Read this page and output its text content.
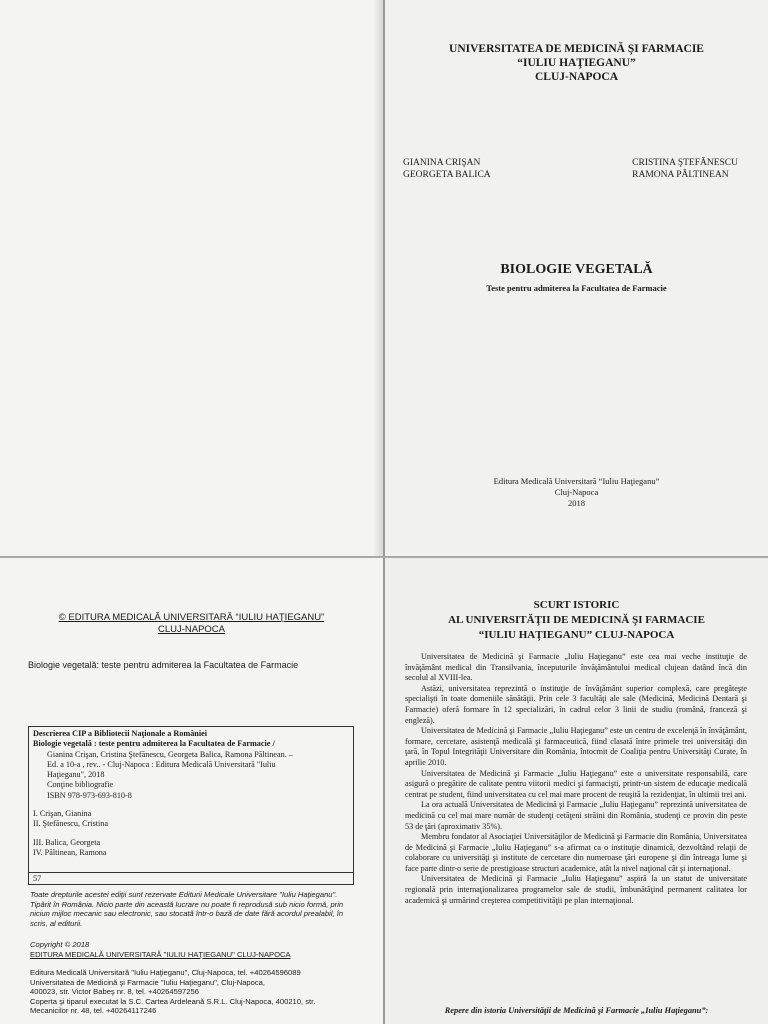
UNIVERSITATEA DE MEDICINĂ ŞI FARMACIE
“IULIU HAŢIEGANU”
CLUJ-NAPOCA
GIANINA CRIŞAN
GEORGETA BALICA
CRISTINA ŞTEFĂNESCU
RAMONA PĂLTINEAN
BIOLOGIE VEGETALĂ
Teste pentru admiterea la Facultatea de Farmacie
Editura Medicală Universitară “Iuliu Haţieganu”
Cluj-Napoca
2018
© EDITURA MEDICALĂ UNIVERSITARĂ “IULIU HAŢIEGANU”
CLUJ-NAPOCA
Biologie vegetală: teste pentru admiterea la Facultatea de Farmacie
Descrierea CIP a Bibliotecii Naţionale a României
Biologie vegetală : teste pentru admiterea la Facultatea de Farmacie /
Gianina Crişan, Cristina Ştefănescu, Georgeta Balica, Ramona Păltinean. –
Ed. a 10-a , rev.. - Cluj-Napoca : Editura Medicală Universitară "Iuliu
Haţieganu", 2018
Conţine bibliografie
ISBN 978-973-693-810-8
I. Crişan, Gianina
II. Ştefănescu, Cristina
III. Balica, Georgeta
IV. Păltinean, Ramona
57
Toate drepturile acestei ediţii sunt rezervate Editurii Medicale Universitare "Iuliu Haţieganu". Tipărit în România. Nicio parte din această lucrare nu poate fi reprodusă sub nicio formă, prin niciun mijloc mecanic sau electronic, sau stocată într-o bază de date fără acordul prealabil, în scris, al editurii.
Copyright © 2018
EDITURA MEDICALĂ UNIVERSITARĂ "IULIU HAŢIEGANU" CLUJ-NAPOCA
Editura Medicală Universitară "Iuliu Haţieganu", Cluj-Napoca, tel. +40264596089
Universitatea de Medicină şi Farmacie "Iuliu Haţieganu", Cluj-Napoca,
400023, str. Victor Babeş nr. 8, tel. +40264597256
Coperta şi tiparul executat la S.C. Cartea Ardeleană S.R.L. Cluj-Napoca, 400210, str.
Mecanicilor nr. 48, tel. +40264117246
SCURT ISTORIC
AL UNIVERSITĂŢII DE MEDICINĂ ŞI FARMACIE
“IULIU HAŢIEGANU” CLUJ-NAPOCA

Universitatea de Medicină şi Farmacie „Iuliu Haţieganu” este cea mai veche instituţie de învăţământ medical din Transilvania, începuturile învăţământului medical clujean datând încă din secolul al XVIII-lea.

Astăzi, universitatea reprezintă o instituţie de învăţământ superior complexă, care pregăteşte specialişti în toate domeniile sănătăţii. Prin cele 3 facultăţi ale sale (Medicină, Medicină Dentară şi Farmacie) oferă formare în 12 specializări, în cadrul celor 3 linii de studiu (română, franceză şi engleză).

Universitatea de Medicină şi Farmacie „Iuliu Haţieganu” este un centru de excelenţă în învăţământ, formare, cercetare, asistenţă medicală şi farmaceutică, fiind clasată între primele trei universităţi din ţară, în Topul Integrităţii Universitare din România, întocmit de Coaliţia pentru Universităţi Curate, în aprilie 2010.

Universitatea de Medicină şi Farmacie „Iuliu Haţieganu” este o universitate responsabilă, care asigură o pregătire de calitate pentru viitorii medici şi farmacişti, printr-un sistem de educaţie medicală centrat pe student, fiind universitatea cu cel mai mare procent de reuşită la rezidenţiat, în ultimii trei ani.

La ora actuală Universitatea de Medicină şi Farmacie „Iuliu Haţieganu” reprezintă universitatea de medicină cu cel mai mare număr de studenţi cetăţeni străini din România, studenţi ce provin din peste 53 de ţări (aproximativ 35%).

Membru fondator al Asociaţiei Universităţilor de Medicină şi Farmacie din România, Universitatea de Medicină şi Farmacie „Iuliu Haţieganu” s-a afirmat ca o instituţie dinamică, dezvoltând relaţii de colaborare cu universităţi şi institute de cercetare din numeroase ţări europene şi din întreaga lume şi face parte dintr-o serie de prestigioase structuri academice, atât la nivel naţional cât şi internaţional.

Universitatea de Medicină şi Farmacie „Iuliu Haţieganu” aspiră la un statut de universitate regională prin internaţionalizarea programelor sale de studii, îmbunătăţind permanent calitatea lor academică şi urmărind creşterea competitivităţii pe plan internaţional.

Repere din istoria Universităţii de Medicină şi Farmacie „Iuliu Haţieganu”:
